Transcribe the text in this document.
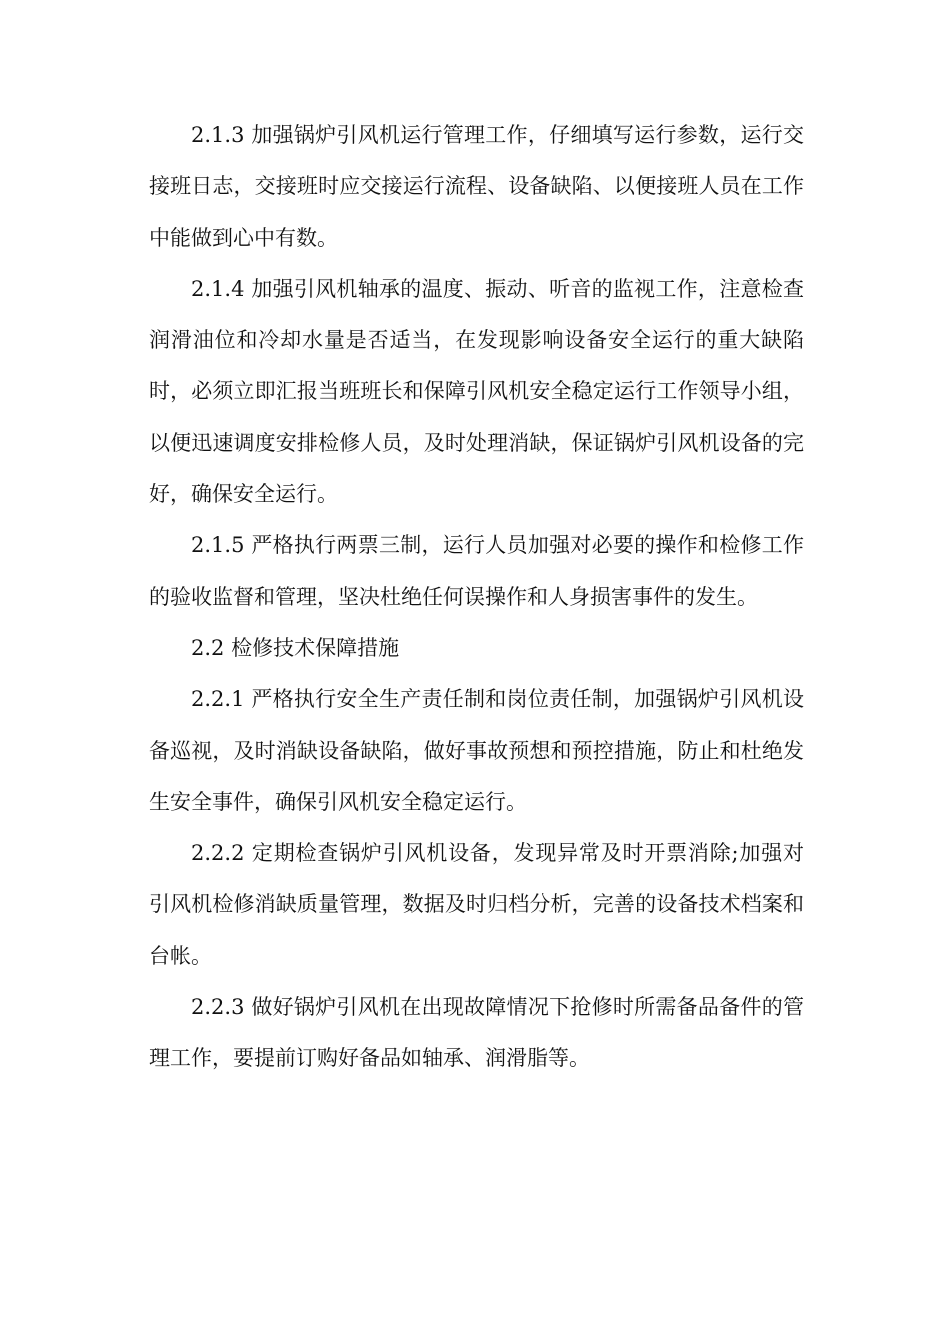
2.1.3 加强锅炉引风机运行管理工作，仔细填写运行参数，运行交接班日志，交接班时应交接运行流程、设备缺陷、以便接班人员在工作中能做到心中有数。

2.1.4 加强引风机轴承的温度、振动、听音的监视工作，注意检查润滑油位和冷却水量是否适当，在发现影响设备安全运行的重大缺陷时，必须立即汇报当班班长和保障引风机安全稳定运行工作领导小组，以便迅速调度安排检修人员，及时处理消缺，保证锅炉引风机设备的完好，确保安全运行。

2.1.5 严格执行两票三制，运行人员加强对必要的操作和检修工作的验收监督和管理，坚决杜绝任何误操作和人身损害事件的发生。

2.2 检修技术保障措施

2.2.1 严格执行安全生产责任制和岗位责任制，加强锅炉引风机设备巡视，及时消缺设备缺陷，做好事故预想和预控措施，防止和杜绝发生安全事件，确保引风机安全稳定运行。

2.2.2 定期检查锅炉引风机设备，发现异常及时开票消除;加强对引风机检修消缺质量管理，数据及时归档分析，完善的设备技术档案和台帐。

2.2.3 做好锅炉引风机在出现故障情况下抢修时所需备品备件的管理工作，要提前订购好备品如轴承、润滑脂等。
